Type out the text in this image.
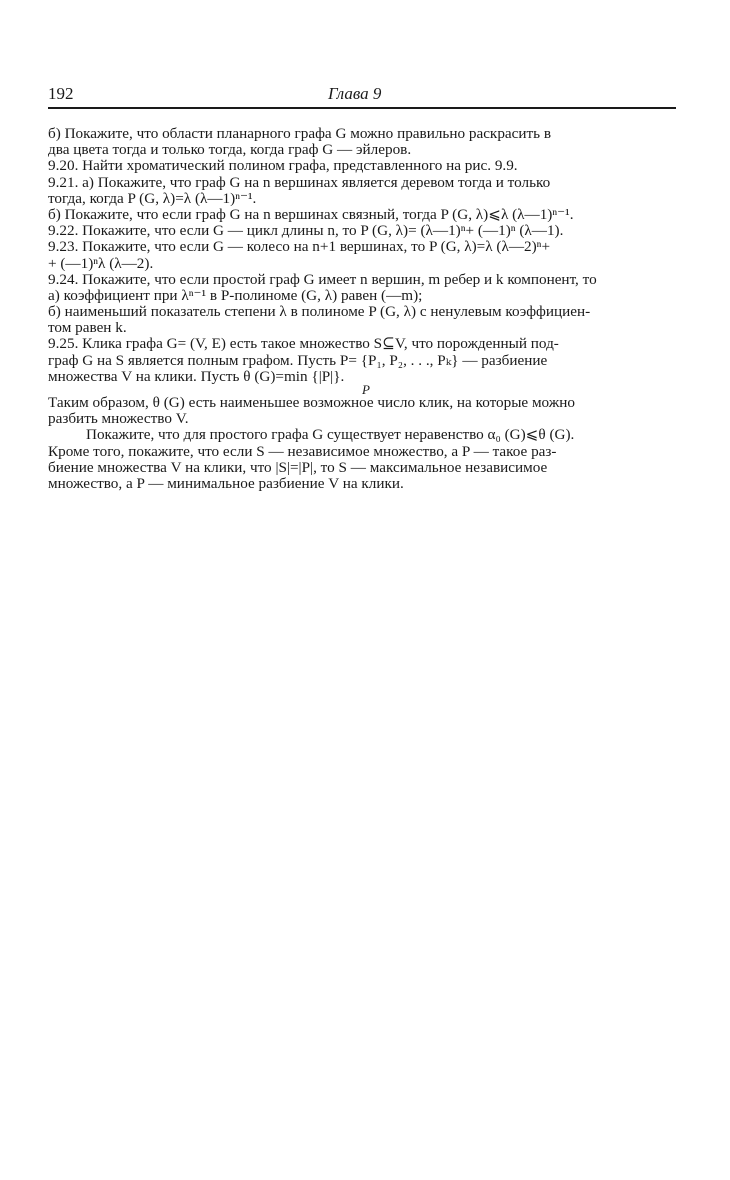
192	Глава 9
б) Покажите, что области планарного графа G можно правильно раскрасить в
два цвета тогда и только тогда, когда граф G — эйлеров.
9.20. Найти хроматический полином графа, представленного на рис. 9.9.
9.21. а) Покажите, что граф G на n вершинах является деревом тогда и только
тогда, когда P (G, λ)=λ (λ—1)ⁿ⁻¹.
б) Покажите, что если граф G на n вершинах связный, тогда P (G, λ)⩽λ (λ—1)ⁿ⁻¹.
9.22. Покажите, что если G — цикл длины n, то P (G, λ)= (λ—1)ⁿ+ (—1)ⁿ (λ—1).
9.23. Покажите, что если G — колесо на n+1 вершинах, то P (G, λ)=λ (λ—2)ⁿ+
+ (—1)ⁿλ (λ—2).
9.24. Покажите, что если простой граф G имеет n вершин, m ребер и k компонент, то
а) коэффициент при λⁿ⁻¹ в P-полиноме (G, λ) равен (—m);
б) наименьший показатель степени λ в полиноме P (G, λ) с ненулевым коэффициен-
том равен k.
9.25. Клика графа G= (V, E) есть такое множество S⊆V, что порожденный под-
граф G на S является полным графом. Пусть P= {P₁, P₂, . . ., Pₖ} — разбиение
множества V на клики. Пусть θ (G)=min {|P|}.
P
Таким образом, θ (G) есть наименьшее возможное число клик, на которые можно
разбить множество V.
Покажите, что для простого графа G существует неравенство α₀ (G)⩽θ (G).
Кроме того, покажите, что если S — независимое множество, а P — такое раз-
биение множества V на клики, что |S|=|P|, то S — максимальное независимое
множество, а P — минимальное разбиение V на клики.
